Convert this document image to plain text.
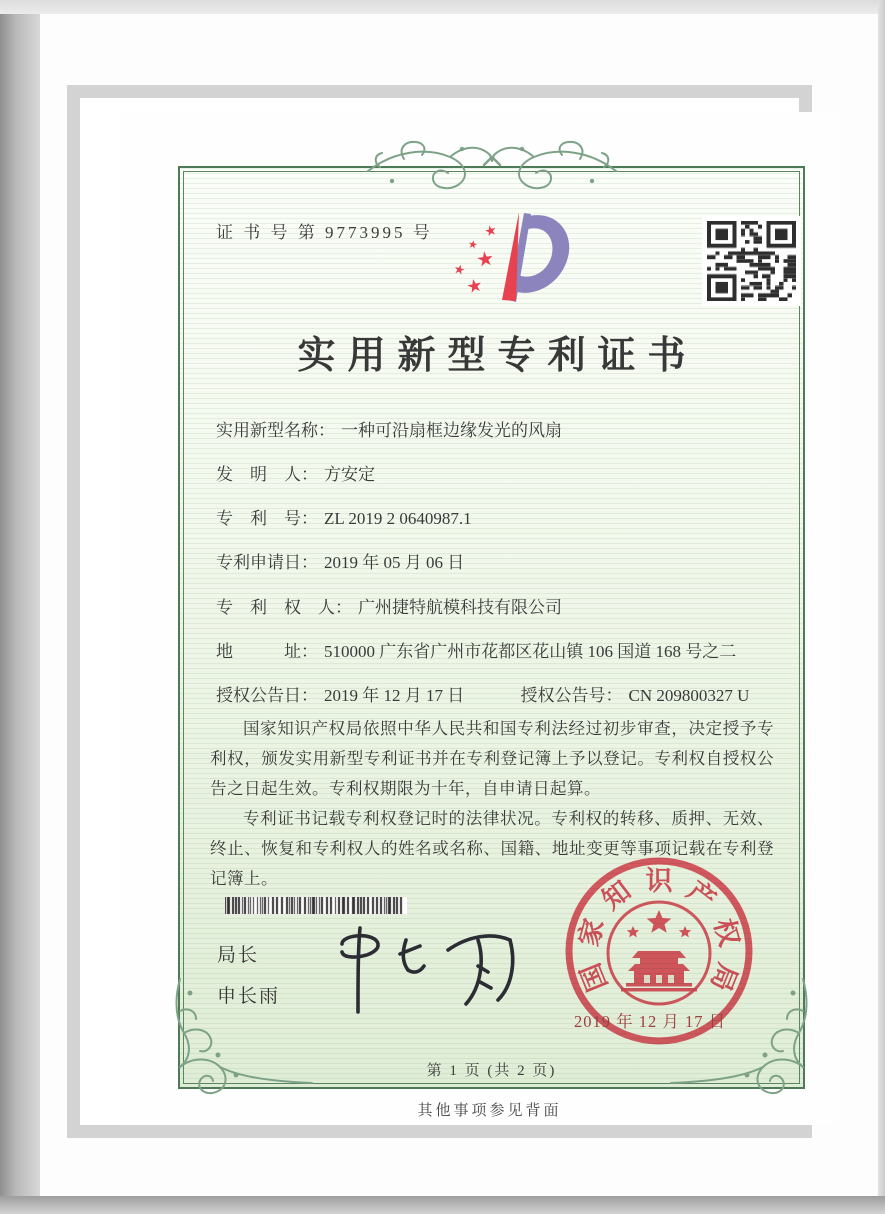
证 书 号 第 9773995 号	★
★
★
★
★
实用新型专利证书
实用新型名称： 一种可沿扇框边缘发光的风扇
发　明　人： 方安定
专　利　号： ZL 2019 2 0640987.1
专利申请日： 2019 年 05 月 06 日
专　利　权　人： 广州捷特航模科技有限公司
地　　　址： 510000 广东省广州市花都区花山镇 106 国道 168 号之二
授权公告日： 2019 年 12 月 17 日	授权公告号： CN 209800327 U

国家知识产权局依照中华人民共和国专利法经过初步审查，决定授予专利权，颁发实用新型专利证书并在专利登记簿上予以登记。专利权自授权公告之日起生效。专利权期限为十年，自申请日起算。

专利证书记载专利权登记时的法律状况。专利权的转移、质押、无效、终止、恢复和专利权人的姓名或名称、国籍、地址变更等事项记载在专利登记簿上。

局长
申长雨
国
家
知 识 产
权
局
2019 年 12 月 17 日
第 1 页 (共 2 页)
其他事项参见背面
